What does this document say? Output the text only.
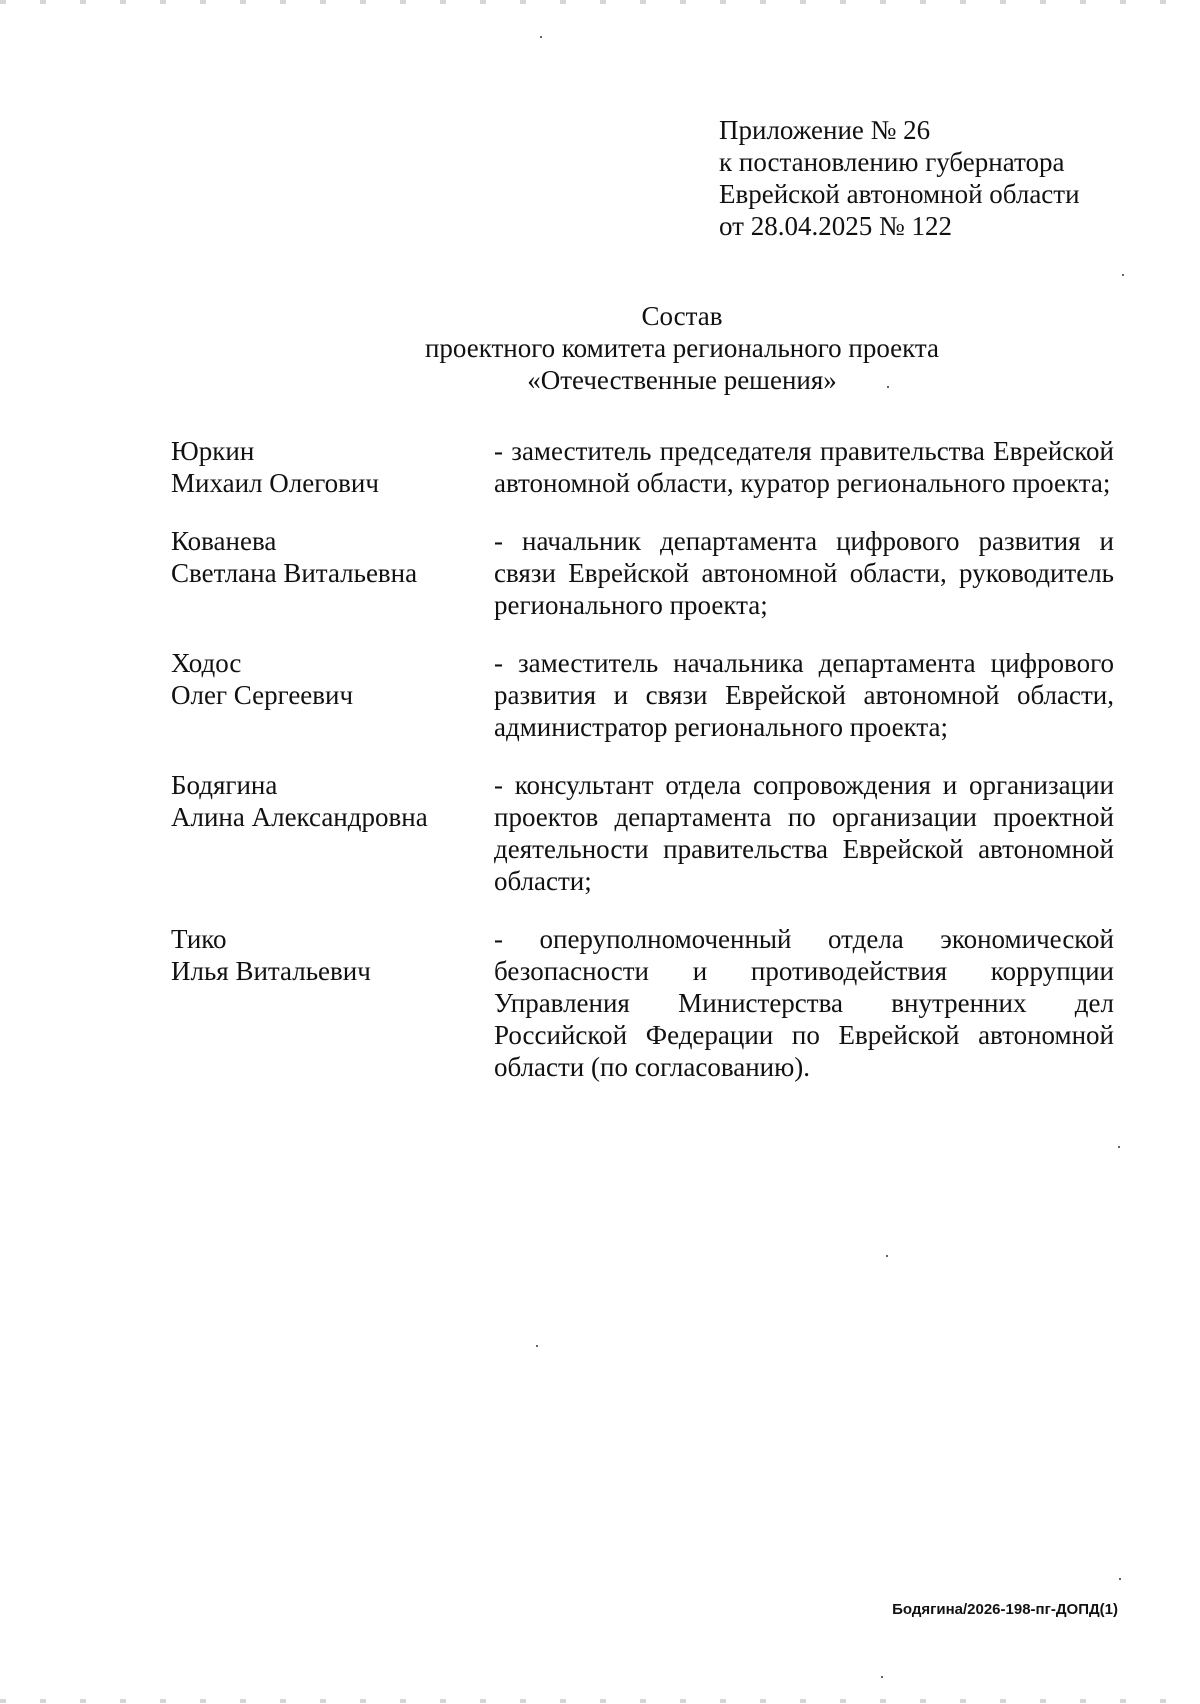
Приложение № 26
к постановлению губернатора
Еврейской автономной области
от 28.04.2025 № 122
Состав
проектного комитета регионального проекта
«Отечественные решения»
Юркин
Михаил Олегович
- заместитель председателя правительства Еврейской автономной области, куратор регионального проекта;
Кованева
Светлана Витальевна
- начальник департамента цифрового развития и связи Еврейской автономной области, руководитель регионального проекта;
Ходос
Олег Сергеевич
- заместитель начальника департамента цифрового развития и связи Еврейской автономной области, администратор регионального проекта;
Бодягина
Алина Александровна
- консультант отдела сопровождения и организации проектов департамента по организации проектной деятельности правительства Еврейской автономной области;
Тико
Илья Витальевич
- оперуполномоченный отдела экономической безопасности и противодействия коррупции Управления Министерства внутренних дел Российской Федерации по Еврейской автономной области (по согласованию).
Бодягина/2026-198-пг-ДОПД(1)
